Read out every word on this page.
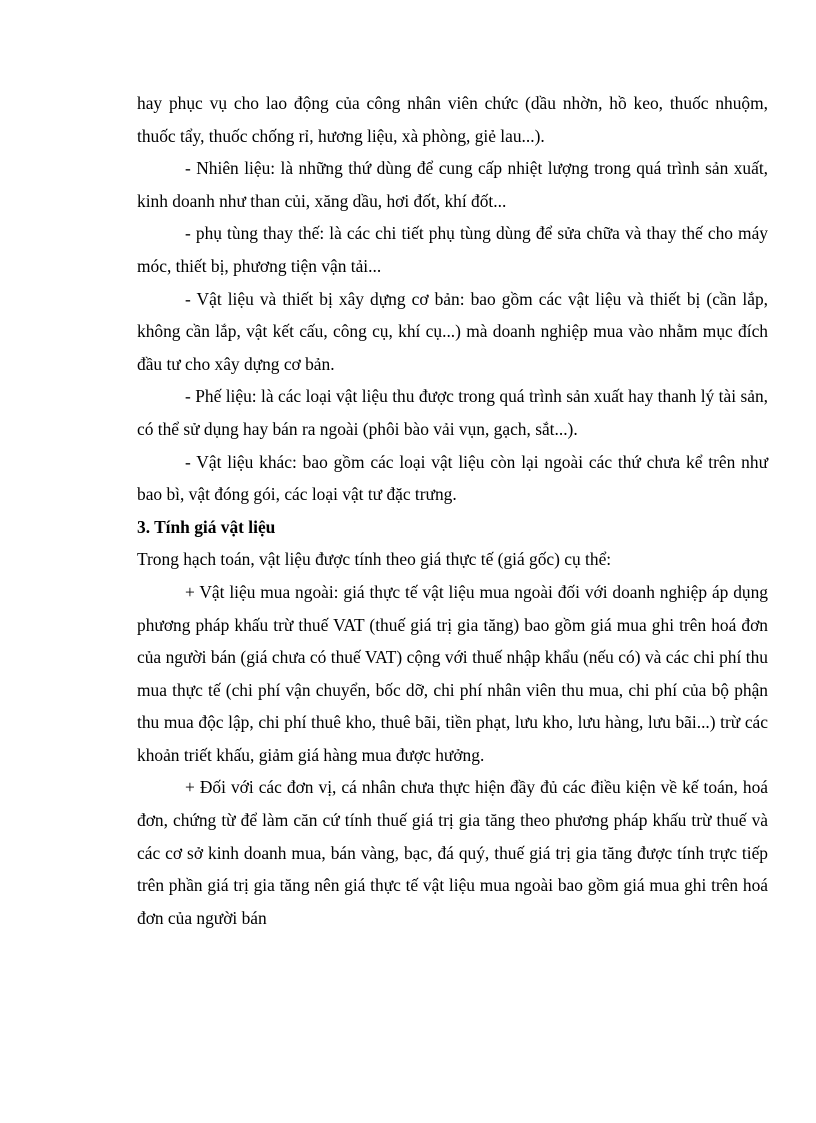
hay phục vụ cho lao động của công nhân viên chức (dầu nhờn, hồ keo, thuốc nhuộm, thuốc tẩy, thuốc chống rỉ, hương liệu, xà phòng, giẻ lau...).

- Nhiên liệu: là những thứ dùng để cung cấp nhiệt lượng trong quá trình sản xuất, kinh doanh như than củi, xăng dầu, hơi đốt, khí đốt...

- phụ tùng thay thế: là các chi tiết phụ tùng dùng để sửa chữa và thay thế cho máy móc, thiết bị, phương tiện vận tải...

- Vật liệu và thiết bị xây dựng cơ bản: bao gồm các vật liệu và thiết bị (cần lắp, không cần lắp, vật kết cấu, công cụ, khí cụ...) mà doanh nghiệp mua vào nhằm mục đích đầu tư cho xây dựng cơ bản.

- Phế liệu: là các loại vật liệu thu được trong quá trình sản xuất hay thanh lý tài sản, có thể sử dụng hay bán ra ngoài (phôi bào vải vụn, gạch, sắt...).

- Vật liệu khác: bao gồm các loại vật liệu còn lại ngoài các thứ chưa kể trên như bao bì, vật đóng gói, các loại vật tư đặc trưng.

3. Tính giá vật liệu

Trong hạch toán, vật liệu được tính theo giá thực tế (giá gốc) cụ thể:

+ Vật liệu mua ngoài: giá thực tế vật liệu mua ngoài đối với doanh nghiệp áp dụng phương pháp khấu trừ thuế VAT (thuế giá trị gia tăng) bao gồm giá mua ghi trên hoá đơn của người bán (giá chưa có thuế VAT) cộng với thuế nhập khẩu (nếu có) và các chi phí thu mua thực tế (chi phí vận chuyển, bốc dỡ, chi phí nhân viên thu mua, chi phí của bộ phận thu mua độc lập, chi phí thuê kho, thuê bãi, tiền phạt, lưu kho, lưu hàng, lưu bãi...) trừ các khoản triết khấu, giảm giá hàng mua được hưởng.

+ Đối với các đơn vị, cá nhân chưa thực hiện đầy đủ các điều kiện về kế toán, hoá đơn, chứng từ để làm căn cứ tính thuế giá trị gia tăng theo phương pháp khấu trừ thuế và các cơ sở kinh doanh mua, bán vàng, bạc, đá quý, thuế giá trị gia tăng được tính trực tiếp trên phần giá trị gia tăng nên giá thực tế vật liệu mua ngoài bao gồm giá mua ghi trên hoá đơn của người bán
